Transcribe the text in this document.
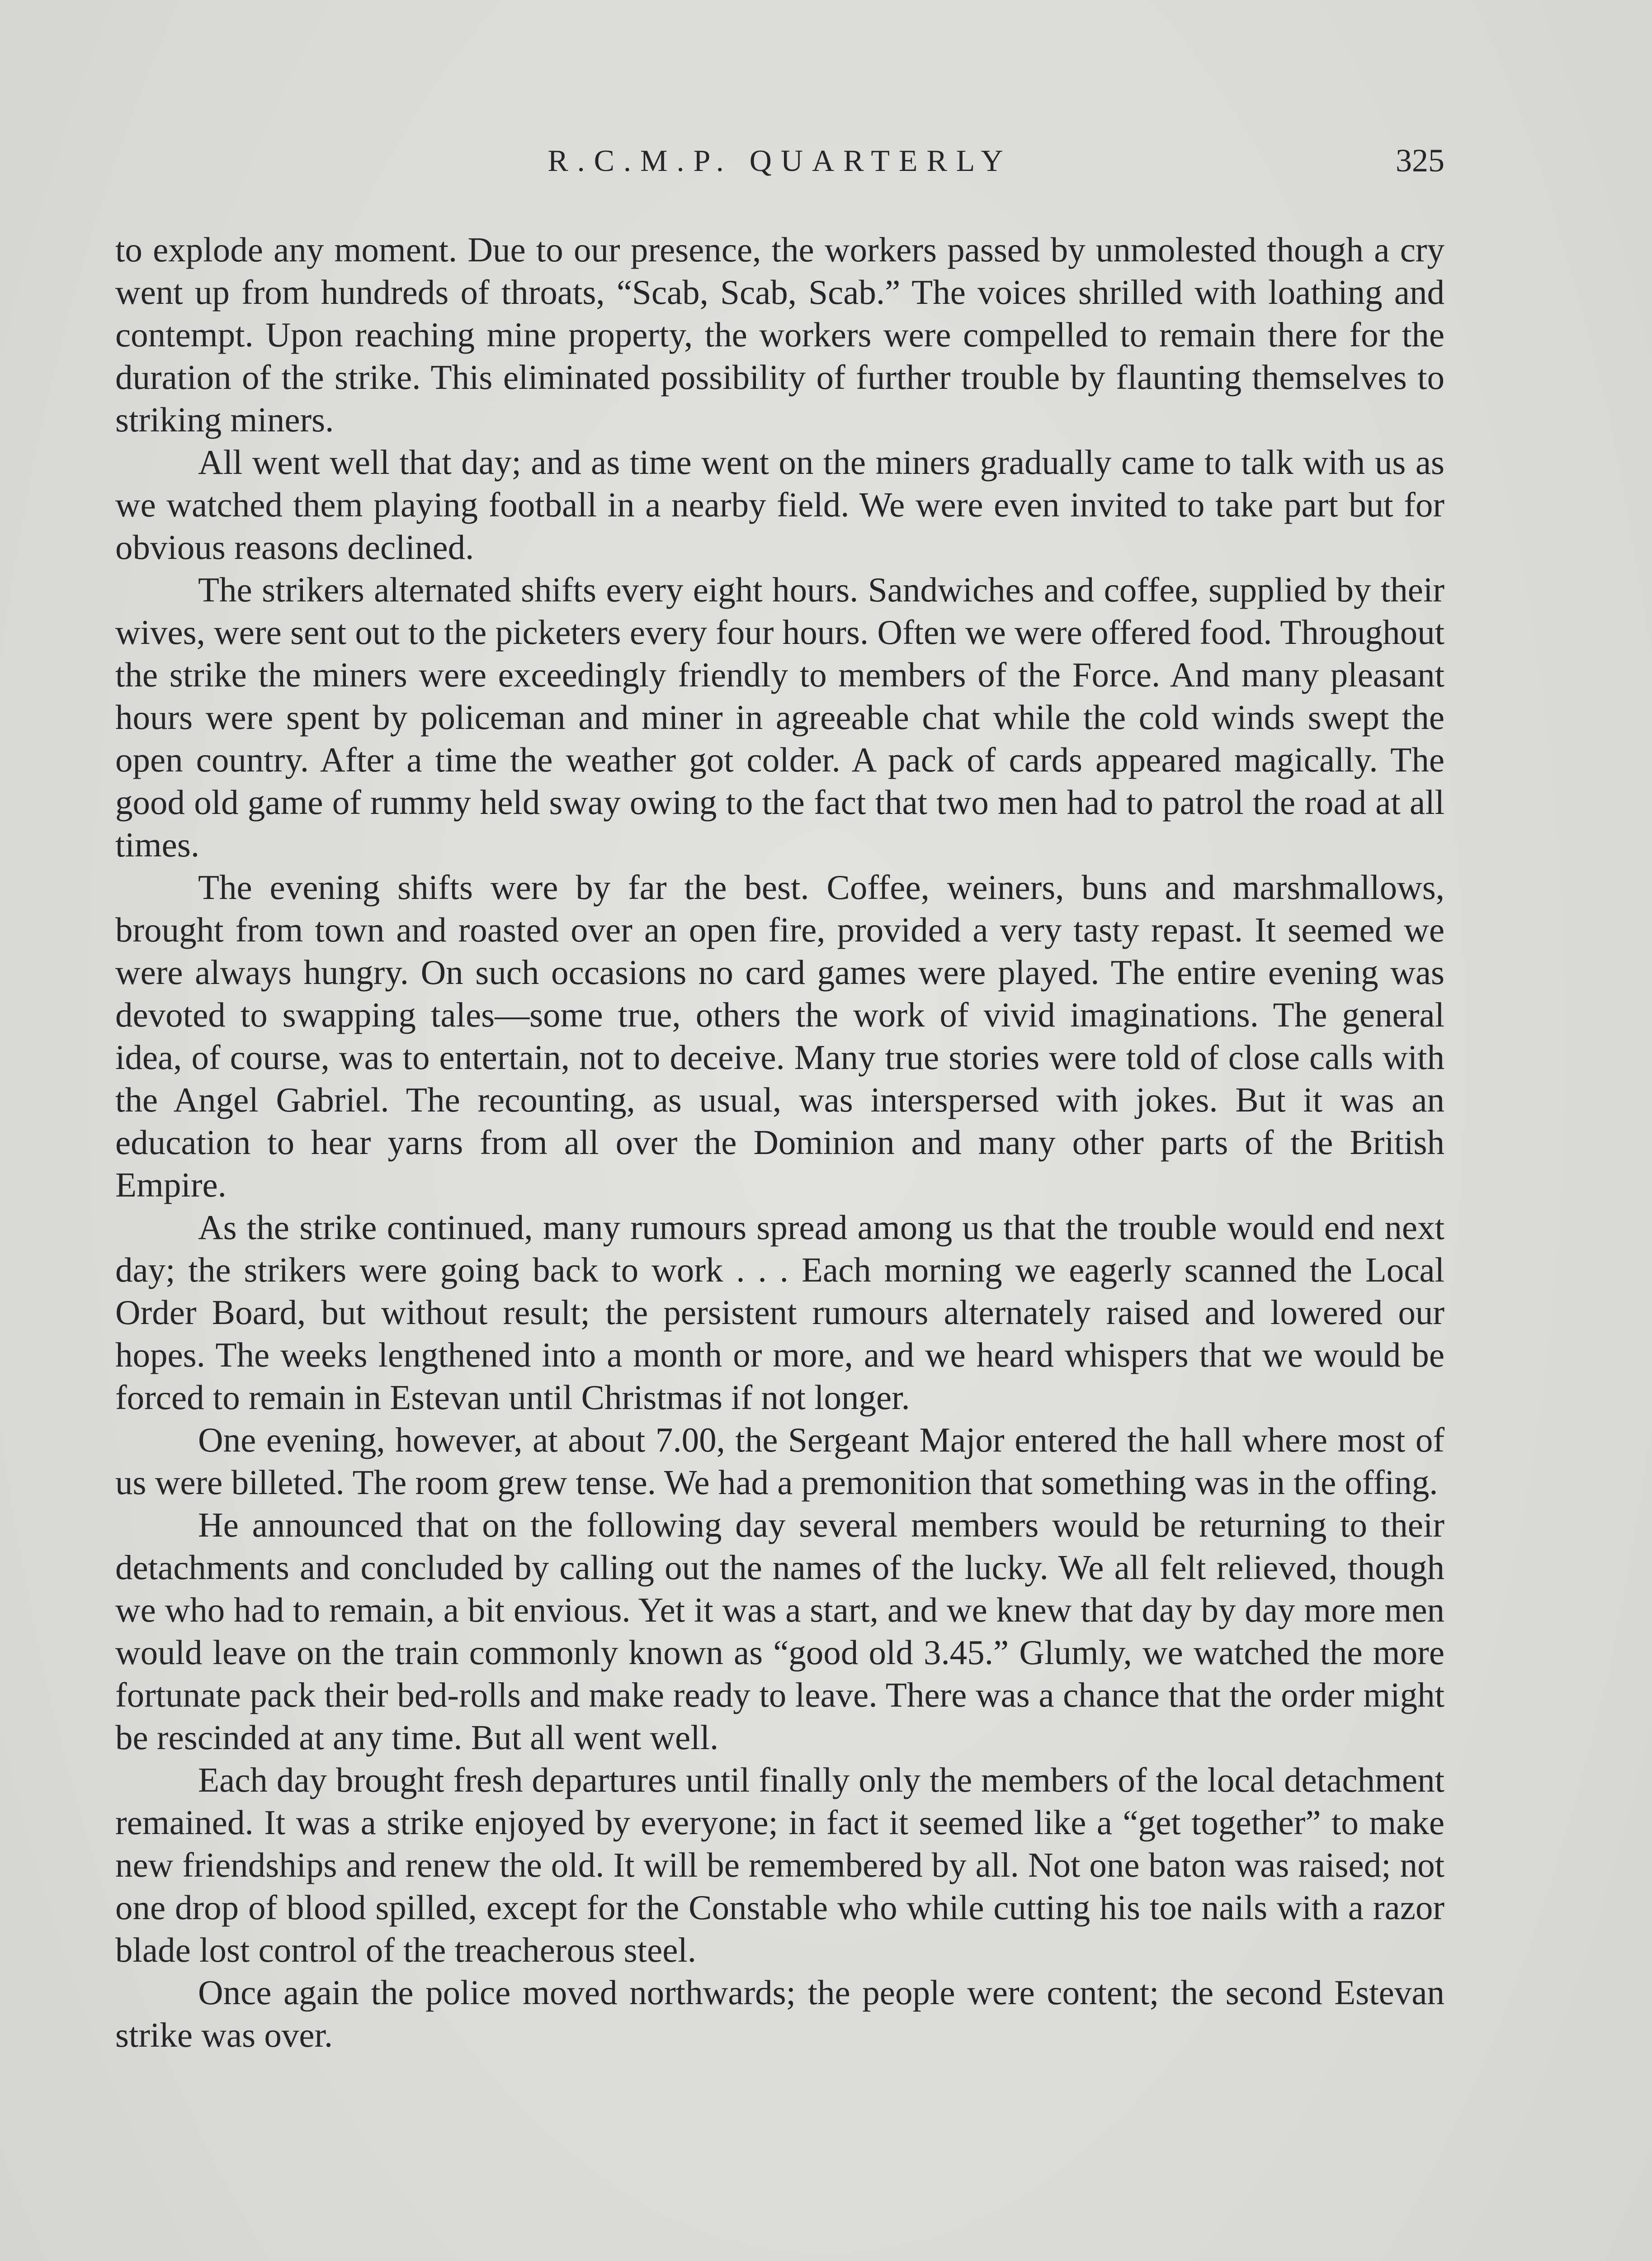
R.C.M.P. QUARTERLY	325

to explode any moment. Due to our presence, the workers passed by unmolested though a cry went up from hundreds of throats, “Scab, Scab, Scab.” The voices shrilled with loathing and contempt. Upon reaching mine property, the workers were compelled to remain there for the duration of the strike. This eliminated possibility of further trouble by flaunting themselves to striking miners.

All went well that day; and as time went on the miners gradually came to talk with us as we watched them playing football in a nearby field. We were even invited to take part but for obvious reasons declined.

The strikers alternated shifts every eight hours. Sandwiches and coffee, supplied by their wives, were sent out to the picketers every four hours. Often we were offered food. Throughout the strike the miners were exceedingly friendly to members of the Force. And many pleasant hours were spent by policeman and miner in agreeable chat while the cold winds swept the open country. After a time the weather got colder. A pack of cards appeared magically. The good old game of rummy held sway owing to the fact that two men had to patrol the road at all times.

The evening shifts were by far the best. Coffee, weiners, buns and marshmallows, brought from town and roasted over an open fire, provided a very tasty repast. It seemed we were always hungry. On such occasions no card games were played. The entire evening was devoted to swapping tales—some true, others the work of vivid imaginations. The general idea, of course, was to entertain, not to deceive. Many true stories were told of close calls with the Angel Gabriel. The recounting, as usual, was interspersed with jokes. But it was an education to hear yarns from all over the Dominion and many other parts of the British Empire.

As the strike continued, many rumours spread among us that the trouble would end next day; the strikers were going back to work . . . Each morning we eagerly scanned the Local Order Board, but without result; the persistent rumours alternately raised and lowered our hopes. The weeks lengthened into a month or more, and we heard whispers that we would be forced to remain in Estevan until Christmas if not longer.

One evening, however, at about 7.00, the Sergeant Major entered the hall where most of us were billeted. The room grew tense. We had a premonition that something was in the offing.

He announced that on the following day several members would be returning to their detachments and concluded by calling out the names of the lucky. We all felt relieved, though we who had to remain, a bit envious. Yet it was a start, and we knew that day by day more men would leave on the train commonly known as “good old 3.45.” Glumly, we watched the more fortunate pack their bed-rolls and make ready to leave. There was a chance that the order might be rescinded at any time. But all went well.

Each day brought fresh departures until finally only the members of the local detachment remained. It was a strike enjoyed by everyone; in fact it seemed like a “get together” to make new friendships and renew the old. It will be remembered by all. Not one baton was raised; not one drop of blood spilled, except for the Constable who while cutting his toe nails with a razor blade lost control of the treacherous steel.

Once again the police moved northwards; the people were content; the second Estevan strike was over.
